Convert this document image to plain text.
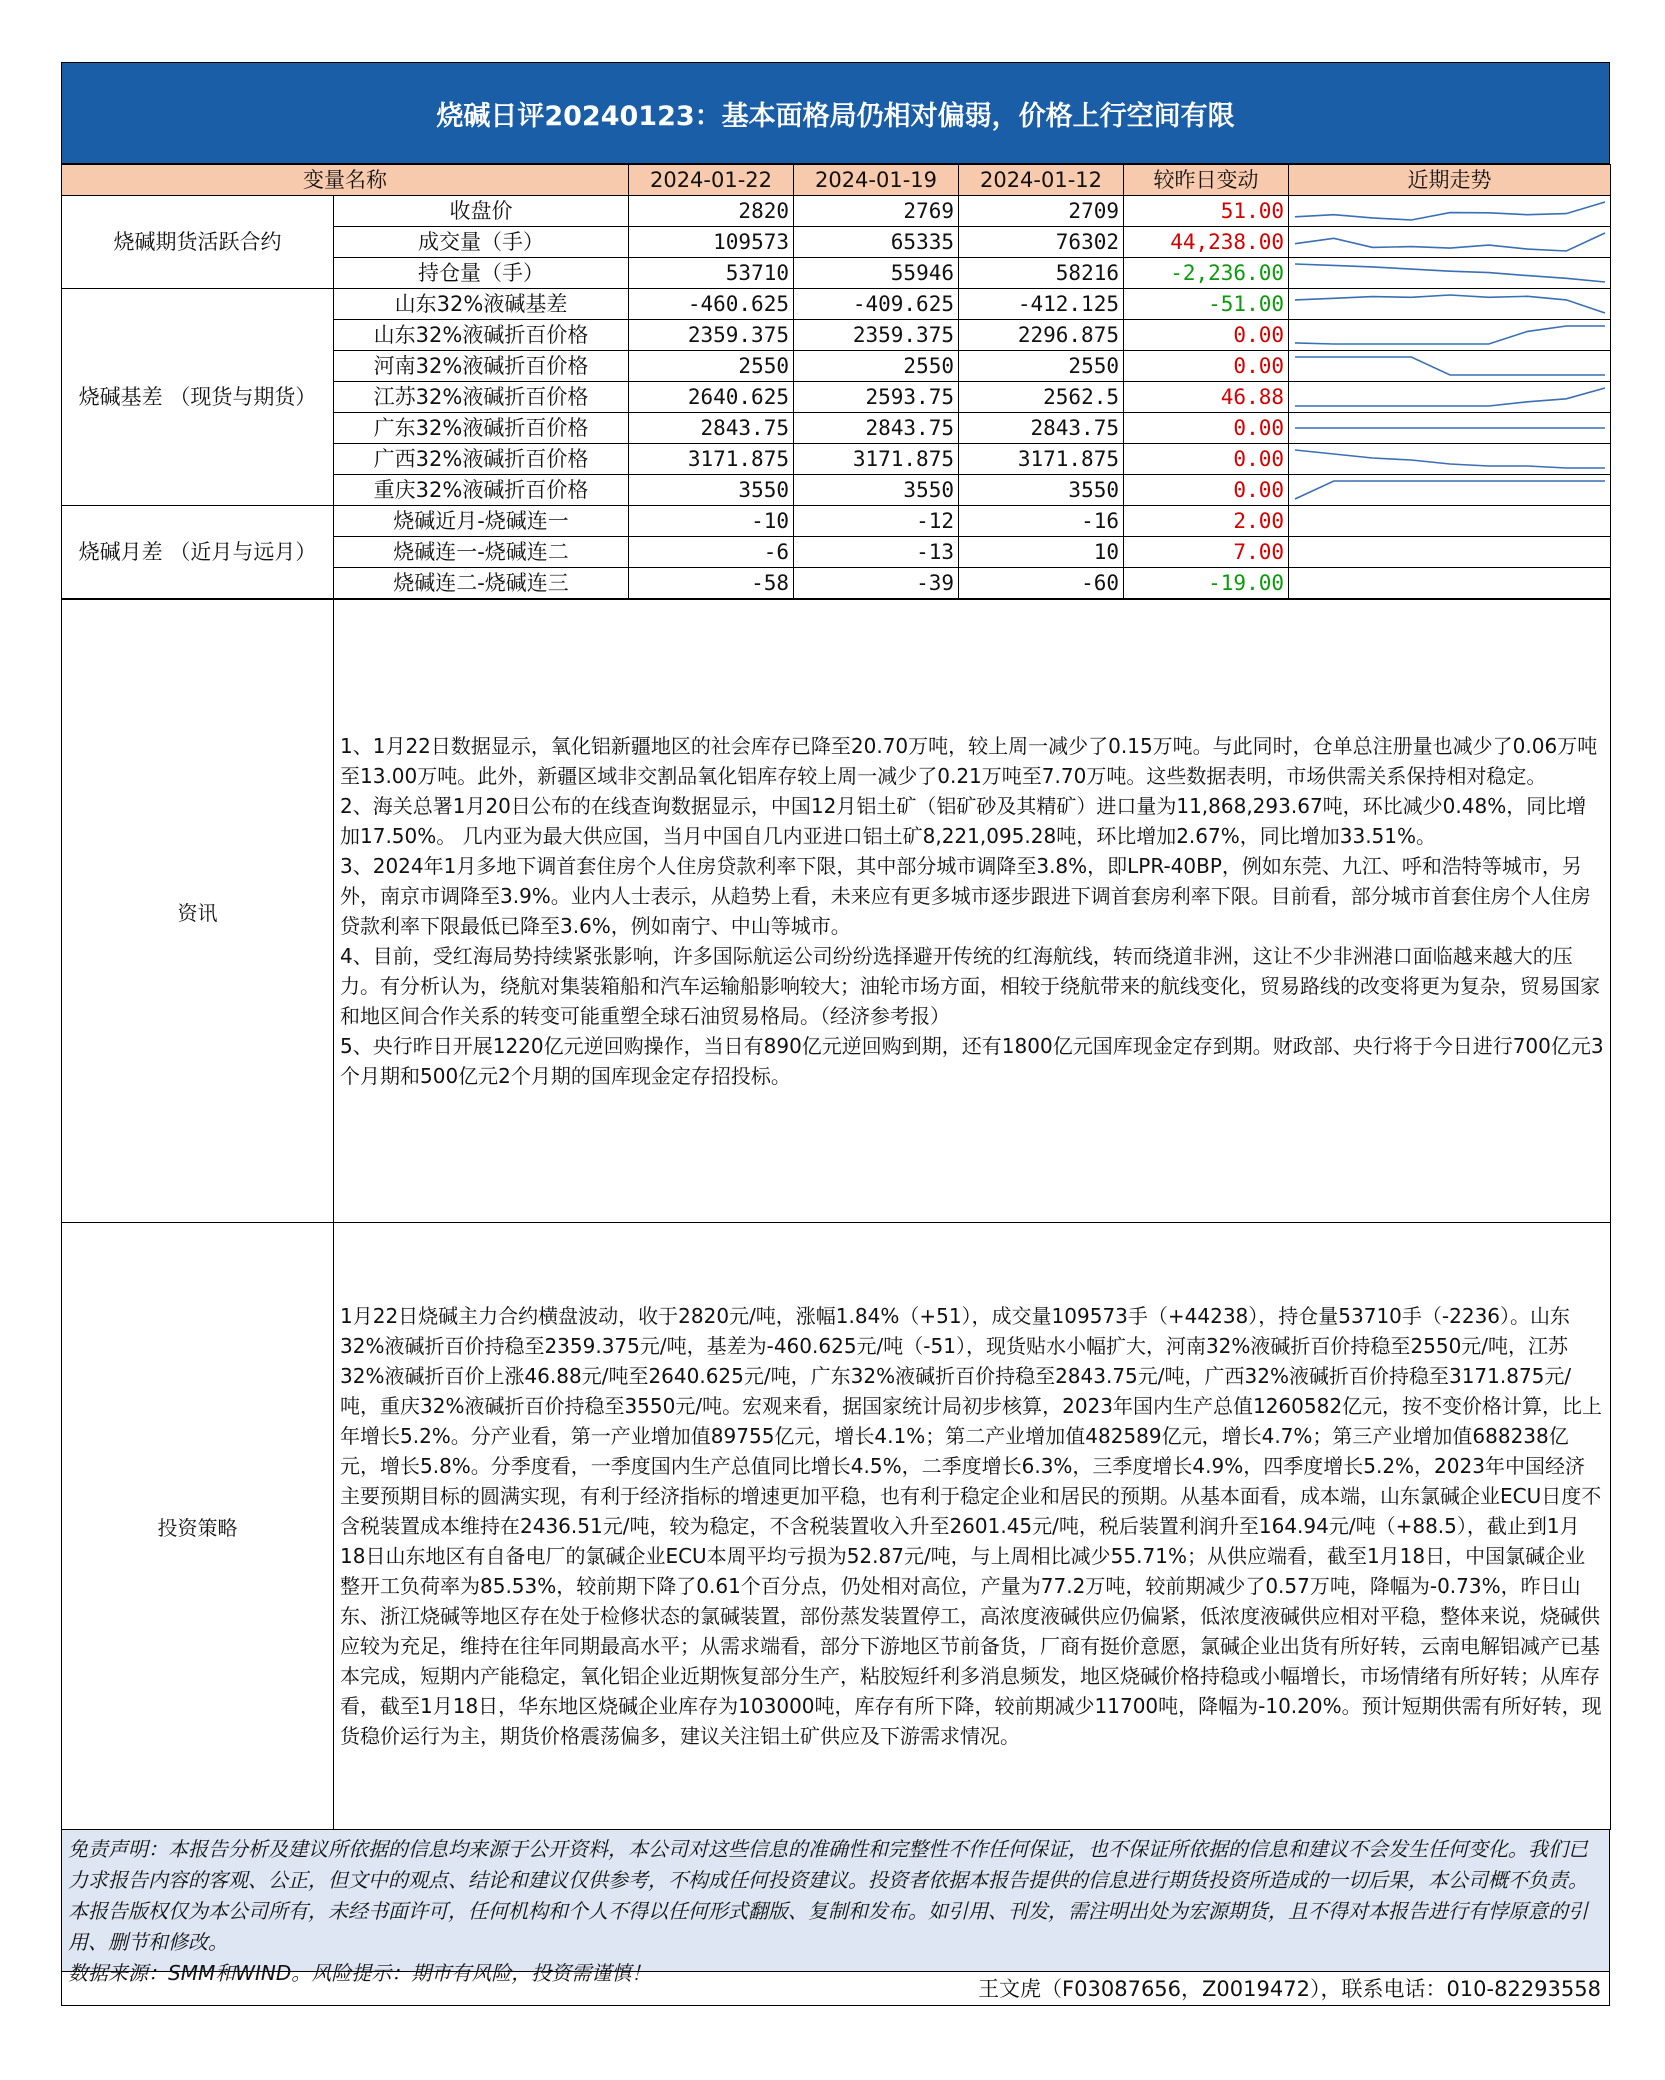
烧碱日评20240123：基本面格局仍相对偏弱，价格上行空间有限
变量名称		2024-01-22	2024-01-19	2024-01-12	较昨日变动	近期走势
烧碱期货活跃合约	收盘价	2820	2769	2709	51.00	

	成交量（手）	109573	65335	76302	44,238.00	

	持仓量（手）	53710	55946	58216	-2,236.00	

烧碱基差 （现货与期货）	山东32%液碱基差	-460.625	-409.625	-412.125	-51.00	

	山东32%液碱折百价格	2359.375	2359.375	2296.875	0.00	

	河南32%液碱折百价格	2550	2550	2550	0.00	

	江苏32%液碱折百价格	2640.625	2593.75	2562.5	46.88	

	广东32%液碱折百价格	2843.75	2843.75	2843.75	0.00	

	广西32%液碱折百价格	3171.875	3171.875	3171.875	0.00	

	重庆32%液碱折百价格	3550	3550	3550	0.00	

烧碱月差 （近月与远月）	烧碱近月-烧碱连一	-10	-12	-16	2.00	
	烧碱连一-烧碱连二	-6	-13	10	7.00	
	烧碱连二-烧碱连三	-58	-39	-60	-19.00	
资讯	1、1月22日数据显示，氧化铝新疆地区的社会库存已降至20.70万吨，较上周一减少了0.15万吨。与此同时，仓单总注册量也减少了0.06万吨至13.00万吨。此外，新疆区域非交割品氧化铝库存较上周一减少了0.21万吨至7.70万吨。这些数据表明，市场供需关系保持相对稳定。

2、海关总署1月20日公布的在线查询数据显示，中国12月铝土矿（铝矿砂及其精矿）进口量为11,868,293.67吨，环比减少0.48%，同比增加17.50%。 几内亚为最大供应国，当月中国自几内亚进口铝土矿8,221,095.28吨，环比增加2.67%，同比增加33.51%。

3、2024年1月多地下调首套住房个人住房贷款利率下限，其中部分城市调降至3.8%，即LPR-40BP，例如东莞、九江、呼和浩特等城市，另外，南京市调降至3.9%。业内人士表示，从趋势上看，未来应有更多城市逐步跟进下调首套房利率下限。目前看，部分城市首套住房个人住房贷款利率下限最低已降至3.6%，例如南宁、中山等城市。

4、目前，受红海局势持续紧张影响，许多国际航运公司纷纷选择避开传统的红海航线，转而绕道非洲，这让不少非洲港口面临越来越大的压力。有分析认为，绕航对集装箱船和汽车运输船影响较大；油轮市场方面，相较于绕航带来的航线变化，贸易路线的改变将更为复杂，贸易国家和地区间合作关系的转变可能重塑全球石油贸易格局。（经济参考报）

5、央行昨日开展1220亿元逆回购操作，当日有890亿元逆回购到期，还有1800亿元国库现金定存到期。财政部、央行将于今日进行700亿元3个月期和500亿元2个月期的国库现金定存招投标。

投资策略	1月22日烧碱主力合约横盘波动，收于2820元/吨，涨幅1.84%（+51），成交量109573手（+44238），持仓量53710手（-2236）。山东32%液碱折百价持稳至2359.375元/吨，基差为-460.625元/吨（-51），现货贴水小幅扩大，河南32%液碱折百价持稳至2550元/吨，江苏32%液碱折百价上涨46.88元/吨至2640.625元/吨，广东32%液碱折百价持稳至2843.75元/吨，广西32%液碱折百价持稳至3171.875元/吨，重庆32%液碱折百价持稳至3550元/吨。宏观来看，据国家统计局初步核算，2023年国内生产总值1260582亿元，按不变价格计算，比上年增长5.2%。分产业看，第一产业增加值89755亿元，增长4.1%；第二产业增加值482589亿元，增长4.7%；第三产业增加值688238亿元，增长5.8%。分季度看，一季度国内生产总值同比增长4.5%，二季度增长6.3%，三季度增长4.9%，四季度增长5.2%，2023年中国经济主要预期目标的圆满实现，有利于经济指标的增速更加平稳，也有利于稳定企业和居民的预期。从基本面看，成本端，山东氯碱企业ECU日度不含税装置成本维持在2436.51元/吨，较为稳定，不含税装置收入升至2601.45元/吨，税后装置利润升至164.94元/吨（+88.5），截止到1月18日山东地区有自备电厂的氯碱企业ECU本周平均亏损为52.87元/吨，与上周相比减少55.71%；从供应端看，截至1月18日，中国氯碱企业整开工负荷率为85.53%，较前期下降了0.61个百分点，仍处相对高位，产量为77.2万吨，较前期减少了0.57万吨，降幅为-0.73%，昨日山东、浙江烧碱等地区存在处于检修状态的氯碱装置，部份蒸发装置停工，高浓度液碱供应仍偏紧，低浓度液碱供应相对平稳，整体来说，烧碱供应较为充足，维持在往年同期最高水平；从需求端看，部分下游地区节前备货，厂商有挺价意愿，氯碱企业出货有所好转，云南电解铝减产已基本完成，短期内产能稳定，氧化铝企业近期恢复部分生产，粘胶短纤利多消息频发，地区烧碱价格持稳或小幅增长，市场情绪有所好转；从库存看，截至1月18日，华东地区烧碱企业库存为103000吨，库存有所下降，较前期减少11700吨，降幅为-10.20%。预计短期供需有所好转，现货稳价运行为主，期货价格震荡偏多，建议关注铝土矿供应及下游需求情况。

免责声明：本报告分析及建议所依据的信息均来源于公开资料，本公司对这些信息的准确性和完整性不作任何保证，也不保证所依据的信息和建议不会发生任何变化。我们已力求报告内容的客观、公正，但文中的观点、结论和建议仅供参考，不构成任何投资建议。投资者依据本报告提供的信息进行期货投资所造成的一切后果，本公司概不负责。本报告版权仅为本公司所有，未经书面许可，任何机构和个人不得以任何形式翻版、复制和发布。如引用、刊发，需注明出处为宏源期货，且不得对本报告进行有悖原意的引用、删节和修改。
数据来源：SMM和WIND。风险提示：期市有风险，投资需谨慎！
王文虎（F03087656，Z0019472），联系电话：010-82293558
